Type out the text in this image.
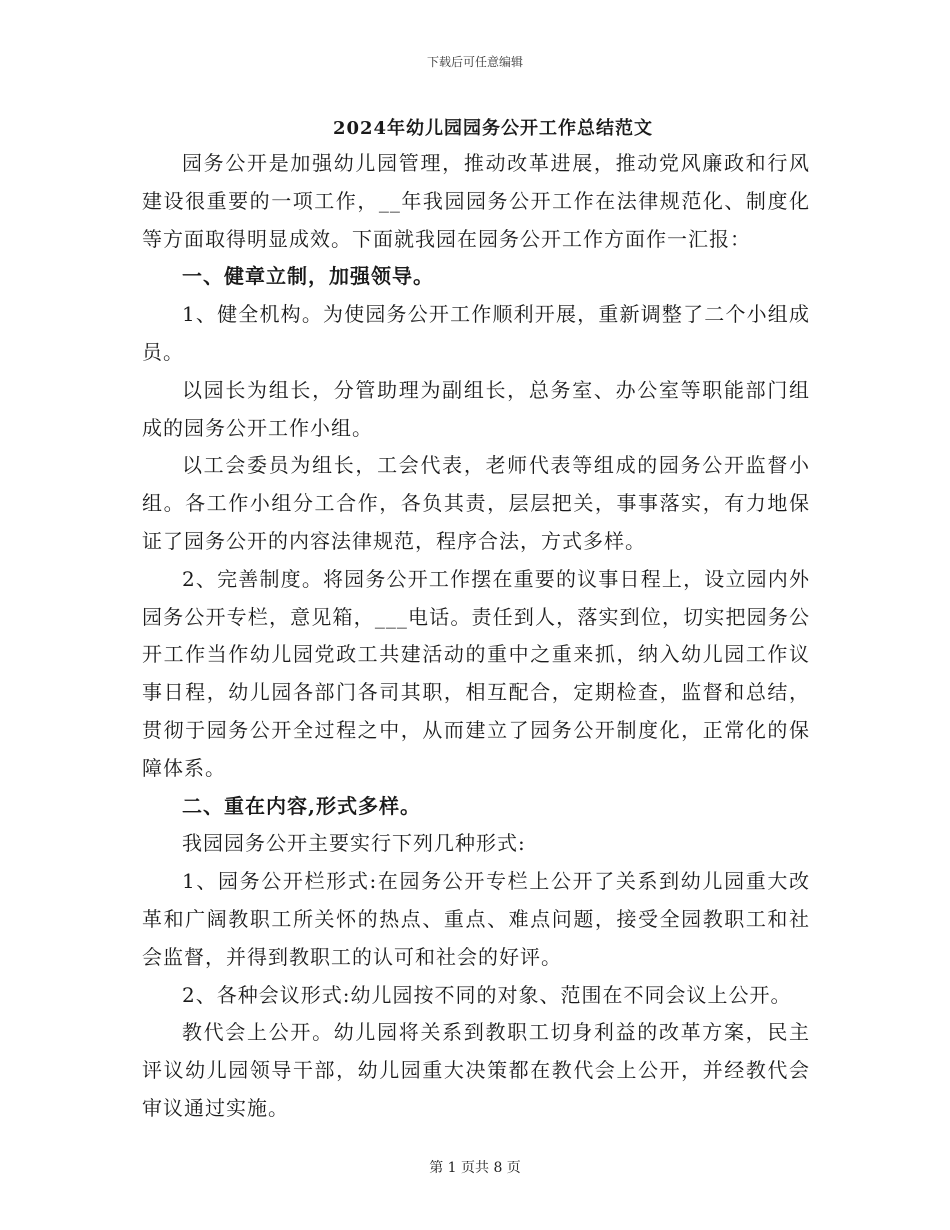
下载后可任意编辑
2024年幼儿园园务公开工作总结范文

园务公开是加强幼儿园管理，推动改革进展，推动党风廉政和行风建设很重要的一项工作，__年我园园务公开工作在法律规范化、制度化等方面取得明显成效。下面就我园在园务公开工作方面作一汇报：

一、健章立制，加强领导。

1、健全机构。为使园务公开工作顺利开展，重新调整了二个小组成员。

以园长为组长，分管助理为副组长，总务室、办公室等职能部门组成的园务公开工作小组。

以工会委员为组长，工会代表，老师代表等组成的园务公开监督小组。各工作小组分工合作，各负其责，层层把关，事事落实，有力地保证了园务公开的内容法律规范，程序合法，方式多样。

2、完善制度。将园务公开工作摆在重要的议事日程上，设立园内外园务公开专栏，意见箱，___电话。责任到人，落实到位，切实把园务公开工作当作幼儿园党政工共建活动的重中之重来抓，纳入幼儿园工作议事日程，幼儿园各部门各司其职，相互配合，定期检查，监督和总结，贯彻于园务公开全过程之中，从而建立了园务公开制度化，正常化的保障体系。

二、重在内容,形式多样。

我园园务公开主要实行下列几种形式:

1、园务公开栏形式:在园务公开专栏上公开了关系到幼儿园重大改革和广阔教职工所关怀的热点、重点、难点问题，接受全园教职工和社会监督，并得到教职工的认可和社会的好评。

2、各种会议形式:幼儿园按不同的对象、范围在不同会议上公开。

教代会上公开。幼儿园将关系到教职工切身利益的改革方案，民主评议幼儿园领导干部，幼儿园重大决策都在教代会上公开，并经教代会审议通过实施。

第 1 页共 8 页
